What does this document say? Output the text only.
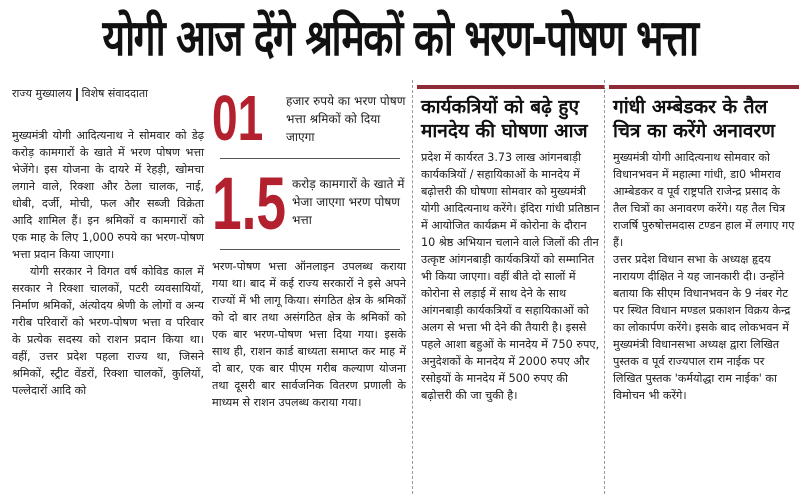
योगी आज देंगे श्रमिकों को भरण-पोषण भत्ता
राज्य मुख्यालय विशेष संवाददाता

मुख्यमंत्री योगी आदित्यनाथ ने सोमवार को डेढ़ करोड़ कामगारों के खाते में भरण पोषण भत्ता भेजेंगे। इस योजना के दायरे में रेहड़ी, खोमचा लगाने वाले, रिक्शा और ठेला चालक, नाई, धोबी, दर्जी, मोची, फल और सब्जी विक्रेता आदि शामिल हैं। इन श्रमिकों व कामगारों को एक माह के लिए 1,000 रुपये का भरण-पोषण भत्ता प्रदान किया जाएगा।

योगी सरकार ने विगत वर्ष कोविड काल में सरकार ने रिक्शा चालकों, पटरी व्यवसायियों, निर्माण श्रमिकों, अंत्योदय श्रेणी के लोगों व अन्य गरीब परिवारों को भरण-पोषण भत्ता व परिवार के प्रत्येक सदस्य को राशन प्रदान किया था। वहीं, उत्तर प्रदेश पहला राज्य था, जिसने श्रमिकों, स्ट्रीट वेंडरों, रिक्शा चालकों, कुलियों, पल्लेदारों आदि को

01 हजार रुपये का भरण पोषण भत्ता श्रमिकों को दिया जाएगा
1.5 करोड़ कामगारों के खाते में भेजा जाएगा भरण पोषण भत्ता

भरण-पोषण भत्ता ऑनलाइन उपलब्ध कराया गया था। बाद में कई राज्य सरकारों ने इसे अपने राज्यों में भी लागू किया। संगठित क्षेत्र के श्रमिकों को दो बार तथा असंगठित क्षेत्र के श्रमिकों को एक बार भरण-पोषण भत्ता दिया गया। इसके साथ ही, राशन कार्ड बाध्यता समाप्त कर माह में दो बार, एक बार पीएम गरीब कल्याण योजना तथा दूसरी बार सार्वजनिक वितरण प्रणाली के माध्यम से राशन उपलब्ध कराया गया।

कार्यकत्रियों को बढ़े हुए मानदेय की घोषणा आज

प्रदेश में कार्यरत 3.73 लाख आंगनबाड़ी कार्यकत्रियों / सहायिकाओं के मानदेय में बढ़ोत्तरी की घोषणा सोमवार को मुख्यमंत्री योगी आदित्यनाथ करेंगे। इंदिरा गांधी प्रतिष्ठान में आयोजित कार्यक्रम में कोरोना के दौरान 10 श्रेष्ठ अभियान चलाने वाले जिलों की तीन उत्कृष्ट आंगनबाड़ी कार्यकत्रियों को सम्मानित भी किया जाएगा। वहीं बीते दो सालों में कोरोना से लड़ाई में साथ देने के साथ आंगनबाड़ी कार्यकत्रियों व सहायिकाओं को अलग से भत्ता भी देने की तैयारी है। इससे पहले आशा बहुओं के मानदेय में 750 रुपए, अनुदेशकों के मानदेय में 2000 रुपए और रसोइयों के मानदेय में 500 रुपए की बढ़ोत्तरी की जा चुकी है।

गांधी अम्बेडकर के तैल चित्र का करेंगे अनावरण

मुख्यमंत्री योगी आदित्यनाथ सोमवार को विधानभवन में महात्मा गांधी, डा0 भीमराव आम्बेडकर व पूर्व राष्ट्रपति राजेन्द्र प्रसाद के तैल चित्रों का अनावरण करेंगे। यह तैल चित्र राजर्षि पुरुषोत्तमदास टण्डन हाल में लगाए गए हैं।

उत्तर प्रदेश विधान सभा के अध्यक्ष हृदय नारायण दीक्षित ने यह जानकारी दी। उन्होंने बताया कि सीएम विधानभवन के 9 नंबर गेट पर स्थित विधान मण्डल प्रकाशन विक्रय केन्द्र का लोकार्पण करेंगे। इसके बाद लोकभवन में मुख्यमंत्री विधानसभा अध्यक्ष द्वारा लिखित पुस्तक व पूर्व राज्यपाल राम नाईक पर लिखित पुस्तक 'कर्मयोद्धा राम नाईक' का विमोचन भी करेंगे।
